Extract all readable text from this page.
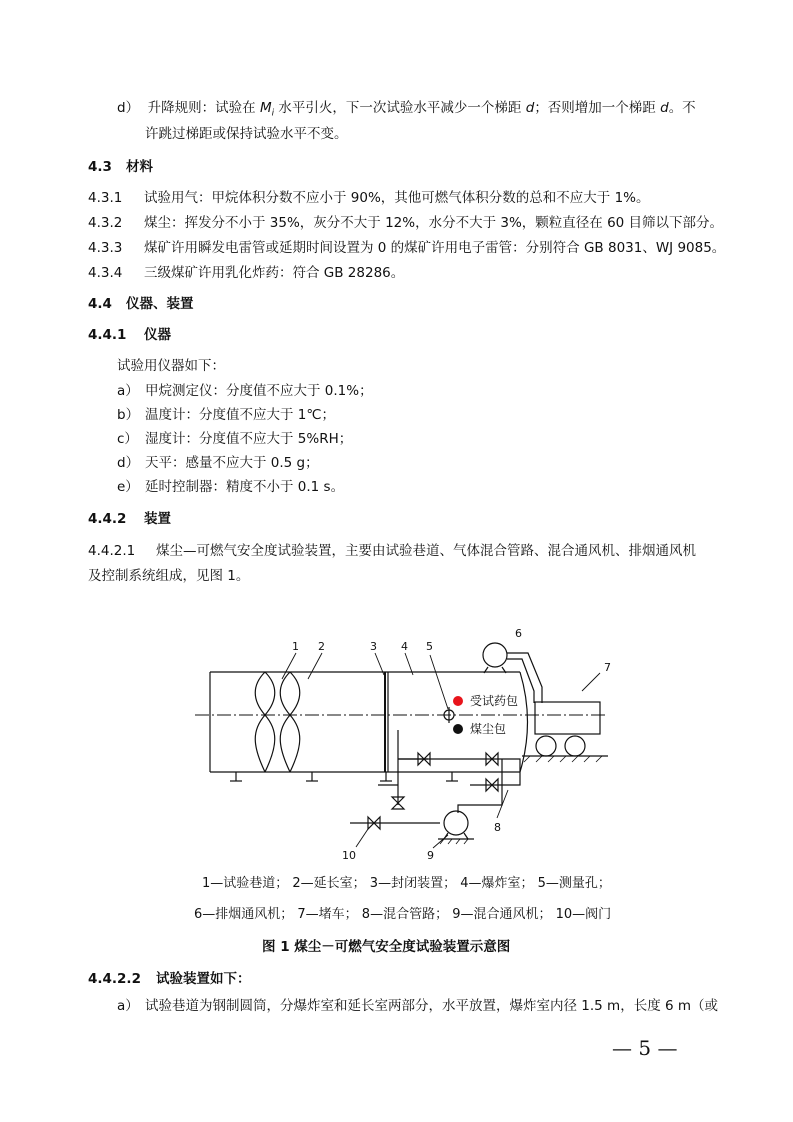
d） 升降规则：试验在 $M_i$ 水平引火，下一次试验水平减少一个梯距 d；否则增加一个梯距 d。不
许跳过梯距或保持试验水平不变。
4.3 材料
4.3.1 试验用气：甲烷体积分数不应小于 90%，其他可燃气体积分数的总和不应大于 1%。
4.3.2 煤尘：挥发分不小于 35%，灰分不大于 12%，水分不大于 3%，颗粒直径在 60 目筛以下部分。
4.3.3 煤矿许用瞬发电雷管或延期时间设置为 0 的煤矿许用电子雷管：分别符合 GB 8031、WJ 9085。
4.3.4 三级煤矿许用乳化炸药：符合 GB 28286。
4.4 仪器、装置
4.4.1 仪器
试验用仪器如下：
a） 甲烷测定仪：分度值不应大于 0.1%；
b） 温度计：分度值不应大于 1℃；
c） 湿度计：分度值不应大于 5%RH；
d） 天平：感量不应大于 0.5 g；
e） 延时控制器：精度不小于 0.1 s。
4.4.2 装置
4.4.2.1 煤尘—可燃气安全度试验装置，主要由试验巷道、气体混合管路、混合通风机、排烟通风机
及控制系统组成，见图 1。
1 2	3 4 5
6
7
8
9
10
受试药包
煤尘包
1—试验巷道； 2—延长室； 3—封闭装置； 4—爆炸室； 5—测量孔；
6—排烟通风机； 7—堵车； 8—混合管路； 9—混合通风机； 10—阀门
图 1 煤尘－可燃气安全度试验装置示意图
4.4.2.2 试验装置如下：
a） 试验巷道为钢制圆筒，分爆炸室和延长室两部分，水平放置，爆炸室内径 1.5 m，长度 6 m（或
— 5 —
